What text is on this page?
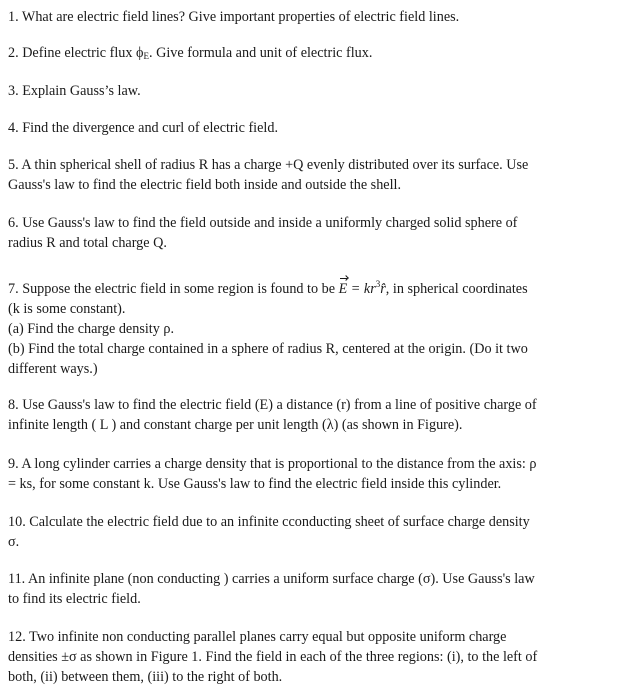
1. What are electric field lines? Give important properties of electric field lines.
2. Define electric flux $\phi_E$. Give formula and unit of electric flux.
3. Explain Gauss’s law.
4. Find the divergence and curl of electric field.
5. A thin spherical shell of radius R has a charge +Q evenly distributed over its surface. Use
Gauss's law to find the electric field both inside and outside the shell.
6. Use Gauss's law to find the field outside and inside a uniformly charged solid sphere of
radius R and total charge Q.
7. Suppose the electric field in some region is found to be $E = kr^3r̂$, in spherical coordinates
(k is some constant).
(a) Find the charge density ρ.
(b) Find the total charge contained in a sphere of radius R, centered at the origin. (Do it two
different ways.)
8. Use Gauss's law to find the electric field (E) a distance (r) from a line of positive charge of
infinite length ( L ) and constant charge per unit length (λ) (as shown in Figure).
9. A long cylinder carries a charge density that is proportional to the distance from the axis: ρ
= ks, for some constant k. Use Gauss's law to find the electric field inside this cylinder.
10. Calculate the electric field due to an infinite cconducting sheet of surface charge density
σ.
11. An infinite plane (non conducting ) carries a uniform surface charge (σ). Use Gauss's law
to find its electric field.
12. Two infinite non conducting parallel planes carry equal but opposite uniform charge
densities ±σ as shown in Figure 1. Find the field in each of the three regions: (i), to the left of
both, (ii) between them, (iii) to the right of both.
